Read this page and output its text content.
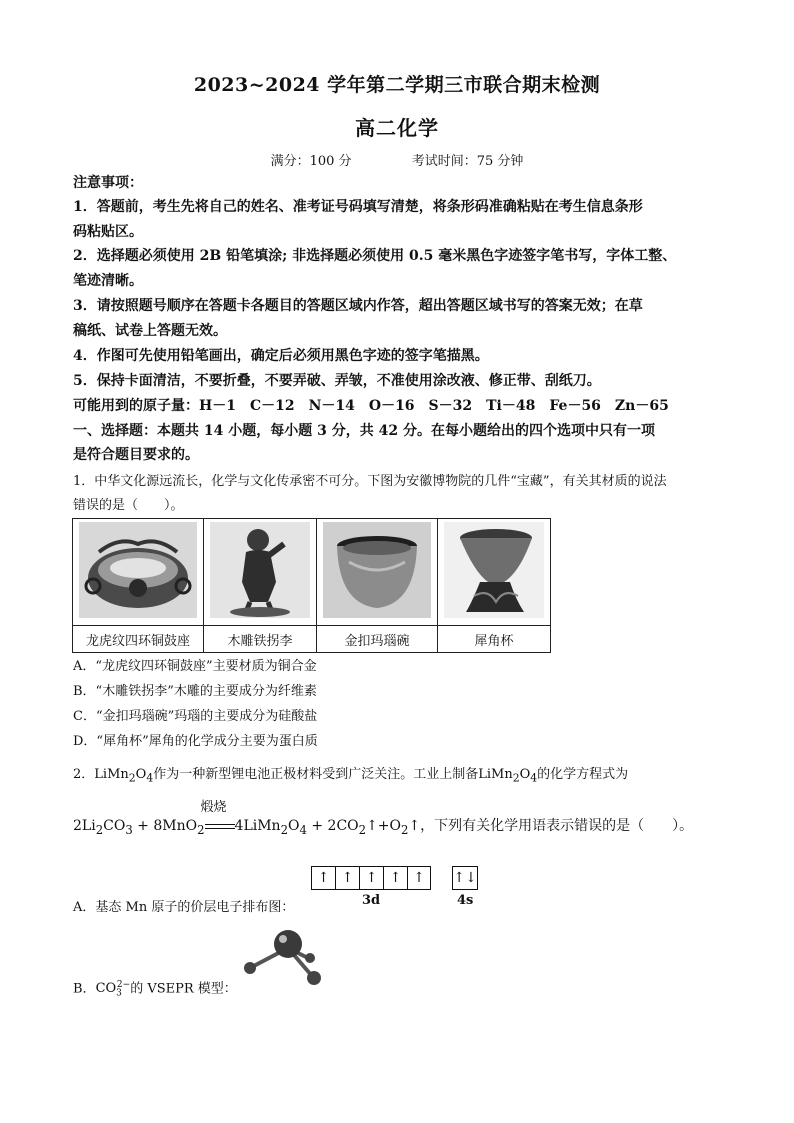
2023~2024 学年第二学期三市联合期末检测
高二化学
满分：100 分	考试时间：75 分钟
注意事项：
1．答题前，考生先将自己的姓名、准考证号码填写清楚，将条形码准确粘贴在考生信息条形
码粘贴区。
2．选择题必须使用 2B 铅笔填涂; 非选择题必须使用 0.5 毫米黑色字迹签字笔书写，字体工整、
笔迹清晰。
3．请按照题号顺序在答题卡各题目的答题区域内作答，超出答题区域书写的答案无效；在草
稿纸、试卷上答题无效。
4．作图可先使用铅笔画出，确定后必须用黑色字迹的签字笔描黑。
5．保持卡面清洁，不要折叠，不要弄破、弄皱，不准使用涂改液、修正带、刮纸刀。
可能用到的原子量：H－1　C－12　N－14　O－16　S－32　Ti－48　Fe－56　Zn－65
一、选择题：本题共 14 小题，每小题 3 分，共 42 分。在每小题给出的四个选项中只有一项
是符合题目要求的。
1．中华文化源远流长，化学与文化传承密不可分。下图为安徽博物院的几件“宝藏”，有关其材质的说法
错误的是（　　）。

龙虎纹四环铜鼓座	木雕铁拐李	金扣玛瑙碗	犀角杯
A．“龙虎纹四环铜鼓座”主要材质为铜合金
B．“木雕铁拐李”木雕的主要成分为纤维素
C．“金扣玛瑙碗”玛瑙的主要成分为硅酸盐
D．“犀角杯”犀角的化学成分主要为蛋白质
2．$LiMn_2O_4$作为一种新型锂电池正极材料受到广泛关注。工业上制备$LiMn_2O_4$的化学方程式为
$2Li_2CO_3 + 8MnO_2$
煅烧
$4LiMn_2O_4$ + $2CO_2↑+O_2↑$，下列有关化学用语表示错误的是（　　）。
↑ ↑ ↑ ↑ ↑	↑↓
3d	4s
A．基态 Mn 原子的价层电子排布图：
B．$CO_3^{2-}$的 VSEPR 模型：
